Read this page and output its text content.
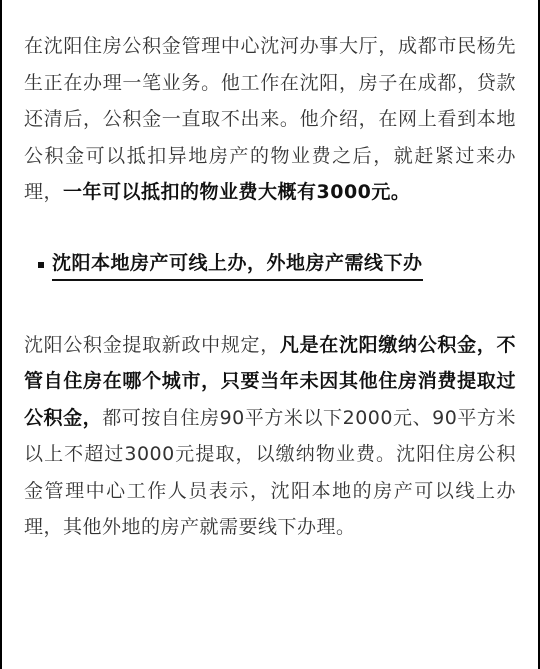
在沈阳住房公积金管理中心沈河办事大厅，成都市民杨先生正在办理一笔业务。他工作在沈阳，房子在成都，贷款还清后，公积金一直取不出来。他介绍，在网上看到本地公积金可以抵扣异地房产的物业费之后，就赶紧过来办理，一年可以抵扣的物业费大概有3000元。

沈阳本地房产可线上办，外地房产需线下办

沈阳公积金提取新政中规定，凡是在沈阳缴纳公积金，不管自住房在哪个城市，只要当年未因其他住房消费提取过公积金，都可按自住房90平方米以下2000元、90平方米以上不超过3000元提取，以缴纳物业费。沈阳住房公积金管理中心工作人员表示，沈阳本地的房产可以线上办理，其他外地的房产就需要线下办理。
